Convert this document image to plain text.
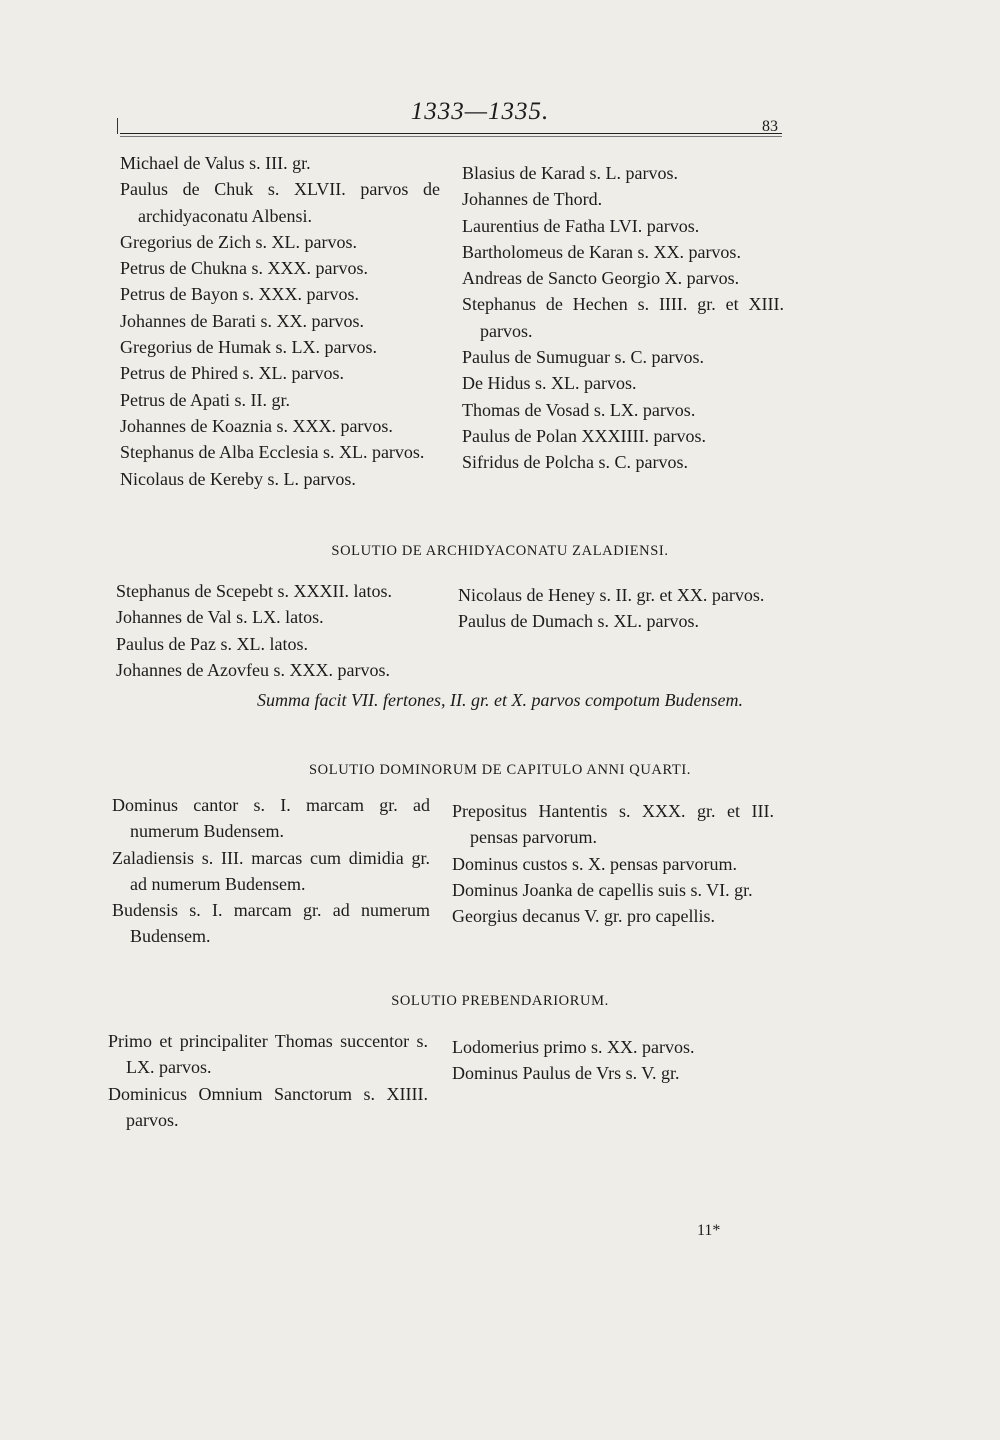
1333—1335.
83

Michael de Valus s. III. gr.

Paulus de Chuk s. XLVII. parvos de archidyaconatu Albensi.

Gregorius de Zich s. XL. parvos.

Petrus de Chukna s. XXX. parvos.

Petrus de Bayon s. XXX. parvos.

Johannes de Barati s. XX. parvos.

Gregorius de Humak s. LX. parvos.

Petrus de Phired s. XL. parvos.

Petrus de Apati s. II. gr.

Johannes de Koaznia s. XXX. parvos.

Stephanus de Alba Ecclesia s. XL. parvos.

Nicolaus de Kereby s. L. parvos.

Blasius de Karad s. L. parvos.

Johannes de Thord.

Laurentius de Fatha LVI. parvos.

Bartholomeus de Karan s. XX. parvos.

Andreas de Sancto Georgio X. parvos.

Stephanus de Hechen s. IIII. gr. et XIII. parvos.

Paulus de Sumuguar s. C. parvos.

De Hidus s. XL. parvos.

Thomas de Vosad s. LX. parvos.

Paulus de Polan XXXIIII. parvos.

Sifridus de Polcha s. C. parvos.

SOLUTIO DE ARCHIDYACONATU ZALADIENSI.

Stephanus de Scepebt s. XXXII. latos.

Johannes de Val s. LX. latos.

Paulus de Paz s. XL. latos.

Johannes de Azovfeu s. XXX. parvos.

Nicolaus de Heney s. II. gr. et XX. parvos.

Paulus de Dumach s. XL. parvos.

Summa facit VII. fertones, II. gr. et X. parvos compotum Budensem.
SOLUTIO DOMINORUM DE CAPITULO ANNI QUARTI.

Dominus cantor s. I. marcam gr. ad numerum Budensem.

Zaladiensis s. III. marcas cum dimidia gr. ad numerum Budensem.

Budensis s. I. marcam gr. ad numerum Budensem.

Prepositus Hantentis s. XXX. gr. et III. pensas parvorum.

Dominus custos s. X. pensas parvorum.

Dominus Joanka de capellis suis s. VI. gr.

Georgius decanus V. gr. pro capellis.

SOLUTIO PREBENDARIORUM.

Primo et principaliter Thomas succentor s. LX. parvos.

Dominicus Omnium Sanctorum s. XIIII. parvos.

Lodomerius primo s. XX. parvos.

Dominus Paulus de Vrs s. V. gr.

11*
